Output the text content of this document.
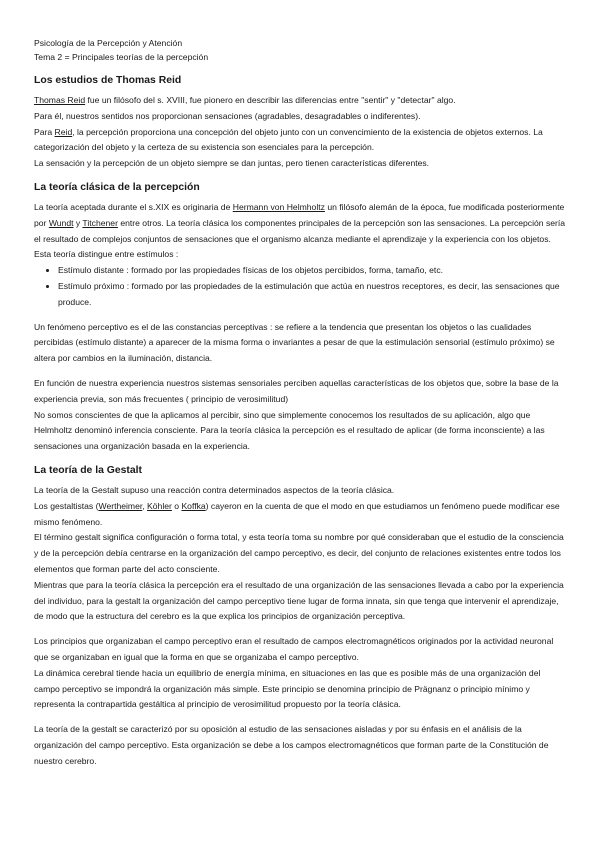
Psicología de la Percepción y Atención

Tema 2 = Principales teorías de la percepción

Los estudios de Thomas Reid

Thomas Reid fue un filósofo del s. XVIII, fue pionero en describir las diferencias entre "sentir" y "detectar" algo.

Para él, nuestros sentidos nos proporcionan sensaciones (agradables, desagradables o indiferentes).

Para Reid, la percepción proporciona una concepción del objeto junto con un convencimiento de la existencia de objetos externos. La categorización del objeto y la certeza de su existencia son esenciales para la percepción.

La sensación y la percepción de un objeto siempre se dan juntas, pero tienen características diferentes.

La teoría clásica de la percepción

La teoría aceptada durante el s.XIX es originaria de Hermann von Helmholtz un filósofo alemán de la época, fue modificada posteriormente por Wundt y Titchener entre otros. La teoría clásica los componentes principales de la percepción son las sensaciones. La percepción sería el resultado de complejos conjuntos de sensaciones que el organismo alcanza mediante el aprendizaje y la experiencia con los objetos. Esta teoría distingue entre estímulos :

• Estímulo distante : formado por las propiedades físicas de los objetos percibidos, forma, tamaño, etc.
• Estímulo próximo : formado por las propiedades de la estimulación que actúa en nuestros receptores, es decir, las sensaciones que produce.

Un fenómeno perceptivo es el de las constancias perceptivas : se refiere a la tendencia que presentan los objetos o las cualidades percibidas (estímulo distante) a aparecer de la misma forma o invariantes a pesar de que la estimulación sensorial (estímulo próximo) se altera por cambios en la iluminación, distancia.

En función de nuestra experiencia nuestros sistemas sensoriales perciben aquellas características de los objetos que, sobre la base de la experiencia previa, son más frecuentes ( principio de verosimilitud)

No somos conscientes de que la aplicamos al percibir, sino que simplemente conocemos los resultados de su aplicación, algo que Helmholtz denominó inferencia consciente. Para la teoría clásica la percepción es el resultado de aplicar (de forma inconsciente) a las sensaciones una organización basada en la experiencia.

La teoría de la Gestalt

La teoría de la Gestalt supuso una reacción contra determinados aspectos de la teoría clásica.

Los gestaltistas (Wertheimer, Köhler o Koffka) cayeron en la cuenta de que el modo en que estudiamos un fenómeno puede modificar ese mismo fenómeno.

El término gestalt significa configuración o forma total, y esta teoría toma su nombre por qué consideraban que el estudio de la consciencia y de la percepción debía centrarse en la organización del campo perceptivo, es decir, del conjunto de relaciones existentes entre todos los elementos que forman parte del acto consciente.

Mientras que para la teoría clásica la percepción era el resultado de una organización de las sensaciones llevada a cabo por la experiencia del individuo, para la gestalt la organización del campo perceptivo tiene lugar de forma innata, sin que tenga que intervenir el aprendizaje, de modo que la estructura del cerebro es la que explica los principios de organización perceptiva.

Los principios que organizaban el campo perceptivo eran el resultado de campos electromagnéticos originados por la actividad neuronal que se organizaban en igual que la forma en que se organizaba el campo perceptivo.

La dinámica cerebral tiende hacia un equilibrio de energía mínima, en situaciones en las que es posible más de una organización del campo perceptivo se impondrá la organización más simple. Este principio se denomina principio de Prägnanz o principio mínimo y representa la contrapartida gestáltica al principio de verosimilitud propuesto por la teoría clásica.

La teoría de la gestalt se caracterizó por su oposición al estudio de las sensaciones aisladas y por su énfasis en el análisis de la organización del campo perceptivo. Esta organización se debe a los campos electromagnéticos que forman parte de la Constitución de nuestro cerebro.
